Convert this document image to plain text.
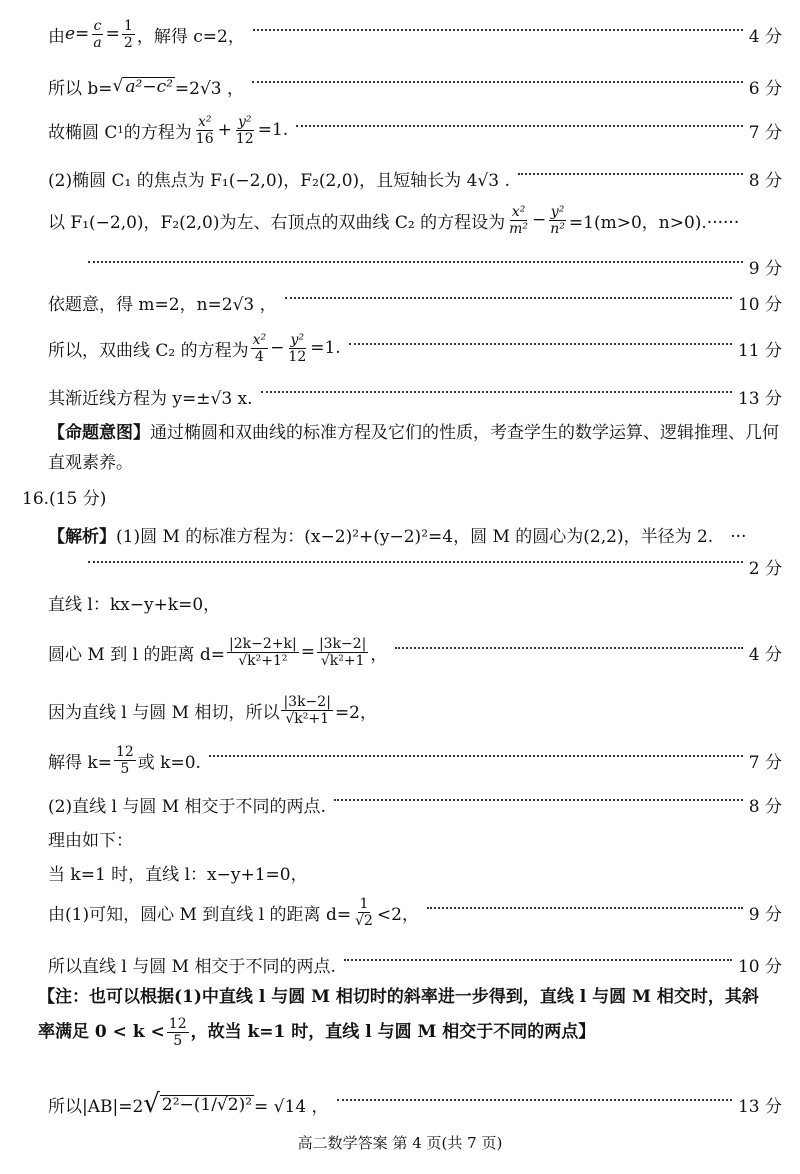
由 $e= \frac{c}{a} = \frac{1}{2}$ ，解得 c=2，	4 分
所以 b= √ a²−c² =2√3 ，	6 分
故椭圆 C 1 的方程为 $\frac{\text{x²}}{16} + \frac{\text{y²}}{12} =1$.	7 分
(2)椭圆 C₁ 的焦点为 F₁(−2,0)，F₂(2,0)，且短轴长为 4√3 .	8 分
以 F₁(−2,0)，F₂(2,0)为左、右顶点的双曲线 C₂ 的方程设为 $\frac{\text{x²}}{\text{m²}} - \frac{\text{y²}}{\text{n²}} =1(m>0$，n>0).······
9 分
依题意，得 m=2，n=2√3 ，	10 分
所以，双曲线 C₂ 的方程为 $\frac{\text{x²}}{4} - \frac{\text{y²}}{12} =1$.	11 分
其渐近线方程为 y=±√3 x.	13 分
【命题意图】通过椭圆和双曲线的标准方程及它们的性质，考查学生的数学运算、逻辑推理、几何直观素养。
16.(15 分)
【解析】 (1)圆 M 的标准方程为：(x−2)²+(y−2)²=4，圆 M 的圆心为(2,2)，半径为 2.　···
2 分
直线 l：kx−y+k=0，
圆心 M 到 l 的距离 $d= \frac{|2k-2+k|}{\text{√k²+1²}} = \frac{|3k-2|}{\text{√k²+1}}$ ，	4 分
因为直线 l 与圆 M 相切，所以 $\frac{|3k-2|}{\text{√k²+1}} =2$，
解得 $k= \frac{12}{5}$ 或 k=0.	7 分
(2)直线 l 与圆 M 相交于不同的两点.	8 分
理由如下：
当 k=1 时，直线 l：x−y+1=0，
由(1)可知，圆心 M 到直线 l 的距离 $d= \frac{1}{√2} <2$，	9 分
所以直线 l 与圆 M 相交于不同的两点.	10 分
【注：也可以根据(1)中直线 l 与圆 M 相切时的斜率进一步得到，直线 l 与圆 M 相交时，其斜
率满足 $0 < k < \frac{12}{5}$ ，故当 k=1 时，直线 l 与圆 M 相交于不同的两点】
所以|AB|=2 √ 2²−(1/√2)² = √14 ，	13 分
高二数学答案 第 4 页(共 7 页)
